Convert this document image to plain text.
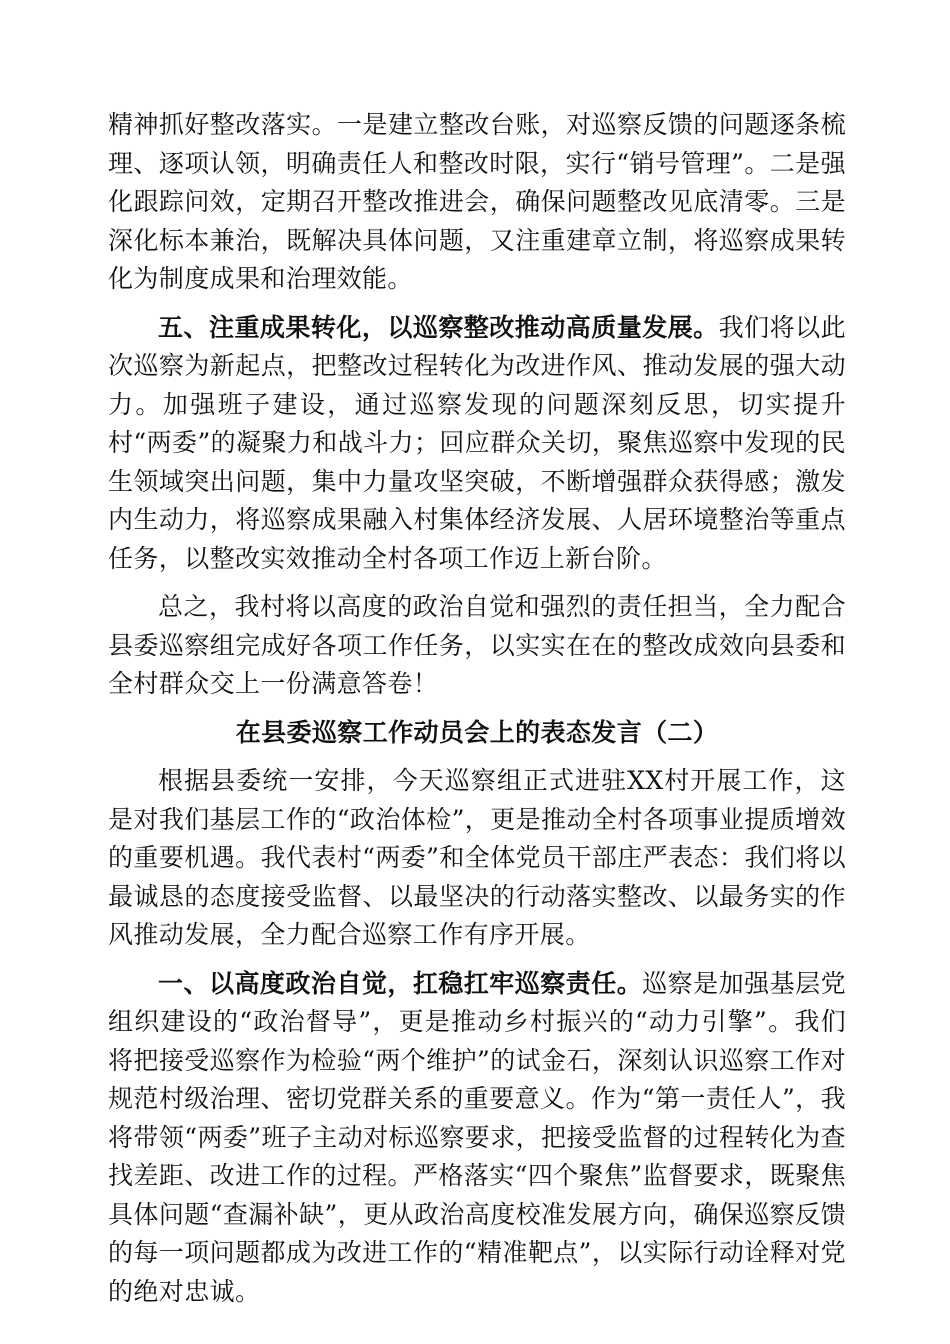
精神抓好整改落实。一是建立整改台账，对巡察反馈的问题逐条梳理、逐项认领，明确责任人和整改时限，实行“销号管理”。二是强化跟踪问效，定期召开整改推进会，确保问题整改见底清零。三是深化标本兼治，既解决具体问题，又注重建章立制，将巡察成果转化为制度成果和治理效能。

五、注重成果转化，以巡察整改推动高质量发展。我们将以此次巡察为新起点，把整改过程转化为改进作风、推动发展的强大动力。加强班子建设，通过巡察发现的问题深刻反思，切实提升村“两委”的凝聚力和战斗力；回应群众关切，聚焦巡察中发现的民生领域突出问题，集中力量攻坚突破，不断增强群众获得感；激发内生动力，将巡察成果融入村集体经济发展、人居环境整治等重点任务，以整改实效推动全村各项工作迈上新台阶。

总之，我村将以高度的政治自觉和强烈的责任担当，全力配合县委巡察组完成好各项工作任务，以实实在在的整改成效向县委和全村群众交上一份满意答卷！

在县委巡察工作动员会上的表态发言（二）

根据县委统一安排，今天巡察组正式进驻XX村开展工作，这是对我们基层工作的“政治体检”，更是推动全村各项事业提质增效的重要机遇。我代表村“两委”和全体党员干部庄严表态：我们将以最诚恳的态度接受监督、以最坚决的行动落实整改、以最务实的作风推动发展，全力配合巡察工作有序开展。

一、以高度政治自觉，扛稳扛牢巡察责任。巡察是加强基层党组织建设的“政治督导”，更是推动乡村振兴的“动力引擎”。我们将把接受巡察作为检验“两个维护”的试金石，深刻认识巡察工作对规范村级治理、密切党群关系的重要意义。作为“第一责任人”，我将带领“两委”班子主动对标巡察要求，把接受监督的过程转化为查找差距、改进工作的过程。严格落实“四个聚焦”监督要求，既聚焦具体问题“查漏补缺”，更从政治高度校准发展方向，确保巡察反馈的每一项问题都成为改进工作的“精准靶点”，以实际行动诠释对党的绝对忠诚。
